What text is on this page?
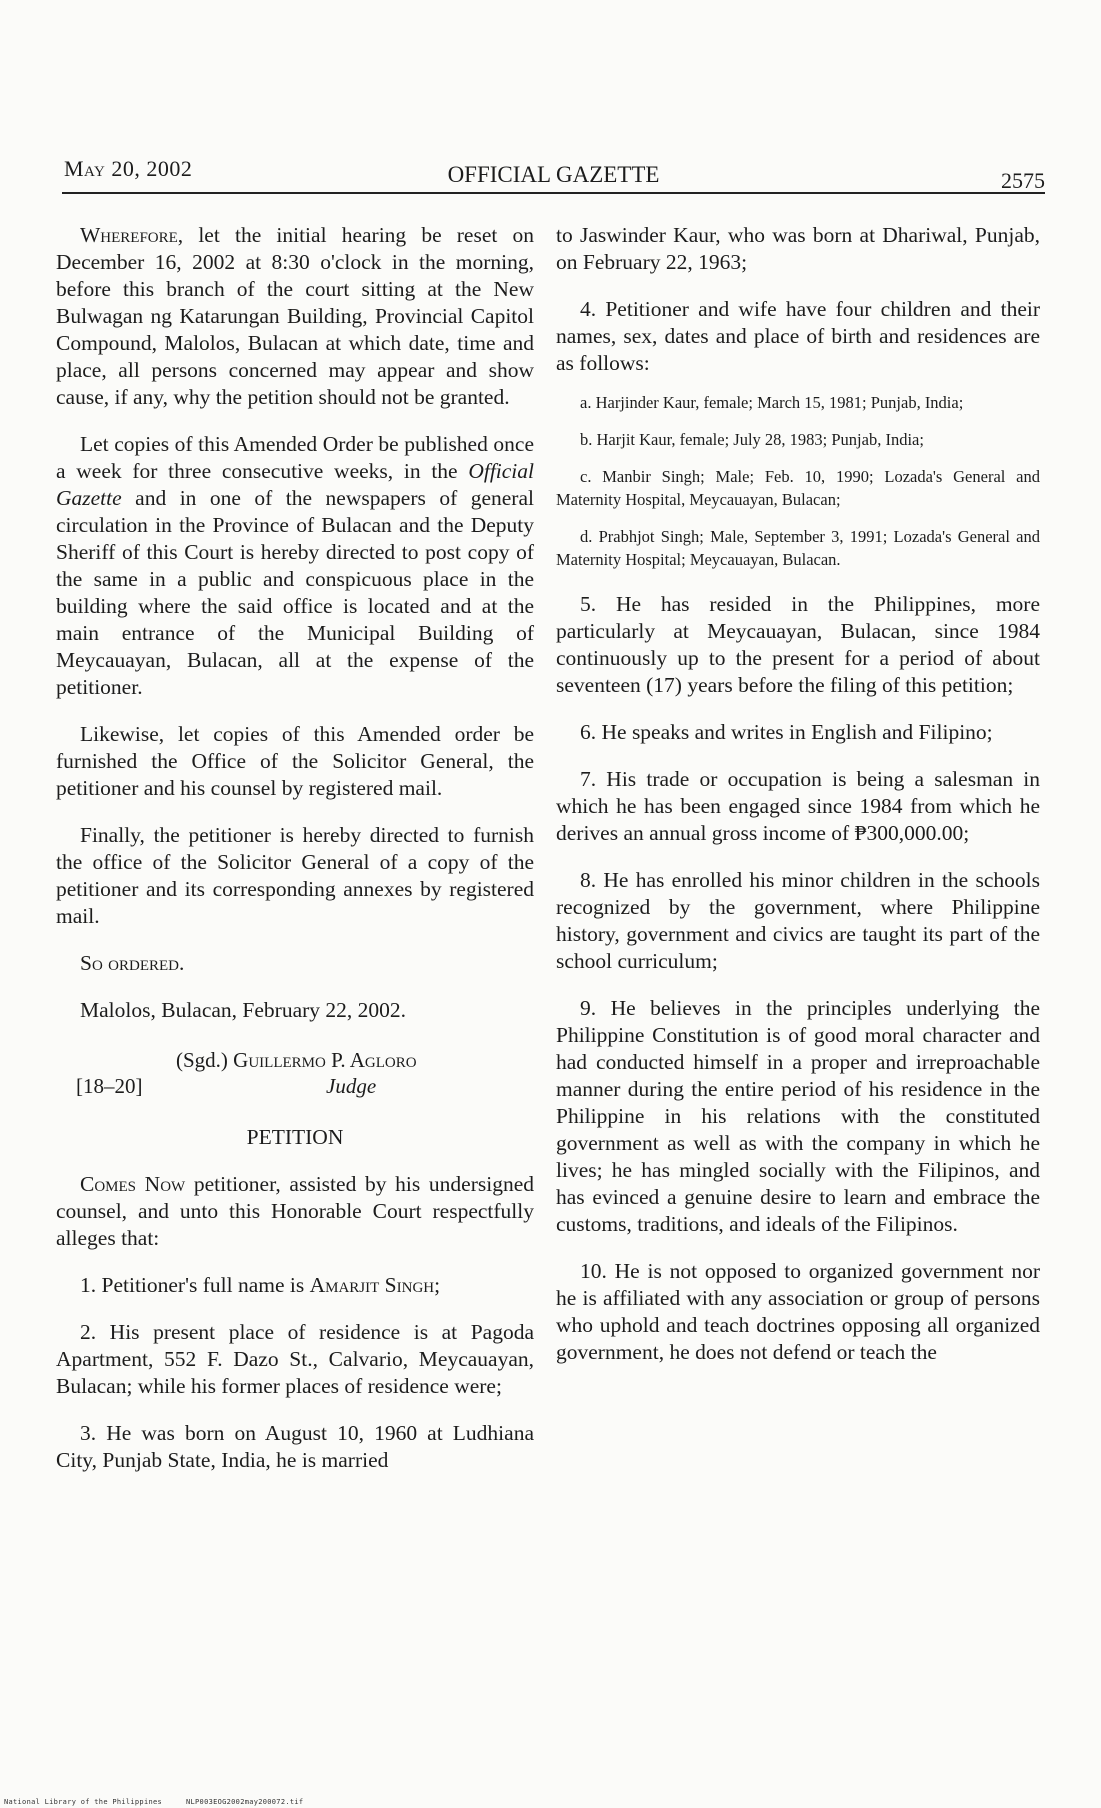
May 20, 2002	OFFICIAL GAZETTE	2575

Wherefore, let the initial hearing be reset on December 16, 2002 at 8:30 o'clock in the morning, before this branch of the court sitting at the New Bulwagan ng Katarungan Building, Provincial Capitol Compound, Malolos, Bulacan at which date, time and place, all persons concerned may appear and show cause, if any, why the petition should not be granted.

Let copies of this Amended Order be published once a week for three consecutive weeks, in the Official Gazette and in one of the newspapers of general circulation in the Province of Bulacan and the Deputy Sheriff of this Court is hereby directed to post copy of the same in a public and conspicuous place in the building where the said office is located and at the main entrance of the Municipal Building of Meycauayan, Bulacan, all at the expense of the petitioner.

Likewise, let copies of this Amended order be furnished the Office of the Solicitor General, the petitioner and his counsel by registered mail.

Finally, the petitioner is hereby directed to furnish the office of the Solicitor General of a copy of the petitioner and its corresponding annexes by registered mail.

So ordered.

Malolos, Bulacan, February 22, 2002.

(Sgd.) Guillermo P. Agloro
[18–20]	Judge

PETITION

Comes Now petitioner, assisted by his undersigned counsel, and unto this Honorable Court respectfully alleges that:

1. Petitioner's full name is Amarjit Singh;

2. His present place of residence is at Pagoda Apartment, 552 F. Dazo St., Calvario, Meycauayan, Bulacan; while his former places of residence were;

3. He was born on August 10, 1960 at Ludhiana City, Punjab State, India, he is married

to Jaswinder Kaur, who was born at Dhariwal, Punjab, on February 22, 1963;

4. Petitioner and wife have four children and their names, sex, dates and place of birth and residences are as follows:

a. Harjinder Kaur, female; March 15, 1981; Punjab, India;

b. Harjit Kaur, female; July 28, 1983; Punjab, India;

c. Manbir Singh; Male; Feb. 10, 1990; Lozada's General and Maternity Hospital, Meycauayan, Bulacan;

d. Prabhjot Singh; Male, September 3, 1991; Lozada's General and Maternity Hospital; Meycauayan, Bulacan.

5. He has resided in the Philippines, more particularly at Meycauayan, Bulacan, since 1984 continuously up to the present for a period of about seventeen (17) years before the filing of this petition;

6. He speaks and writes in English and Filipino;

7. His trade or occupation is being a salesman in which he has been engaged since 1984 from which he derives an annual gross income of ₱300,000.00;

8. He has enrolled his minor children in the schools recognized by the government, where Philippine history, government and civics are taught its part of the school curriculum;

9. He believes in the principles underlying the Philippine Constitution is of good moral character and had conducted himself in a proper and irreproachable manner during the entire period of his residence in the Philippine in his relations with the constituted government as well as with the company in which he lives; he has mingled socially with the Filipinos, and has evinced a genuine desire to learn and embrace the customs, traditions, and ideals of the Filipinos.

10. He is not opposed to organized government nor he is affiliated with any association or group of persons who uphold and teach doctrines opposing all organized government, he does not defend or teach the

National Library of the Philippines	NLP003EOG2002may200072.tif
